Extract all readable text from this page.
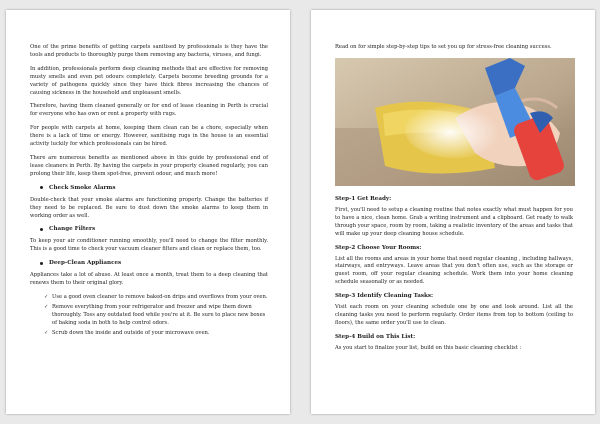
One of the prime benefits of getting carpets sanitised by professionals is they have the tools and products to thoroughly purge them removing any bacteria, viruses, and fungi.

In addition, professionals perform deep cleaning methods that are effective for removing musty smells and even pet odours completely. Carpets become breeding grounds for a variety of pathogens quickly since they have thick fibres increasing the chances of causing sickness in the household and unpleasant smells.

Therefore, having them cleaned generally or for end of lease cleaning in Perth is crucial for everyone who has own or rent a property with rugs.

For people with carpets at home, keeping them clean can be a chore, especially when there is a lack of time or energy. However, sanitising rugs in the house is an essential activity luckily for which professionals can be hired.

There are numerous benefits as mentioned above in this guide by professional end of lease cleaners in Perth. By having the carpets in your property cleaned regularly, you can prolong their life, keep them spot-free, prevent odour, and much more!

Check Smoke Alarms

Double-check that your smoke alarms are functioning properly. Change the batteries if they need to be replaced. Be sure to dust down the smoke alarms to keep them in working order as well.

Change Filters

To keep your air conditioner running smoothly, you'll need to change the filter monthly. This is a good time to check your vacuum cleaner filters and clean or replace them, too.

Deep-Clean Appliances

Appliances take a lot of abuse. At least once a month, treat them to a deep cleaning that renews them to their original glory.

✓ Use a good oven cleaner to remove baked-on drips and overflows from your oven.
✓ Remove everything from your refrigerator and freezer and wipe them down thoroughly. Toss any outdated food while you're at it. Be sure to place new boxes of baking soda in both to help control odors.
✓ Scrub down the inside and outside of your microwave oven.

Read on for simple step-by-step tips to set you up for stress-free cleaning success.

Step-1 Get Ready:

First, you'll need to setup a cleaning routine that notes exactly what must happen for you to have a nice, clean home. Grab a writing instrument and a clipboard. Get ready to walk through your space, room by room, taking a realistic inventory of the areas and tasks that will make up your deep cleaning house schedule.

Step-2 Choose Your Rooms:

List all the rooms and areas in your home that need regular cleaning , including hallways, stairways, and entryways. Leave areas that you don't often use, such as the storage or guest room, off your regular cleaning schedule. Work them into your home cleaning schedule seasonally or as needed.

Step-3 Identify Cleaning Tasks:

Visit each room on your cleaning schedule one by one and look around. List all the cleaning tasks you need to perform regularly. Order items from top to bottom (ceiling to floors), the same order you'll use to clean.

Step-4 Build on This List:

As you start to finalize your list, build on this basic cleaning checklist :
